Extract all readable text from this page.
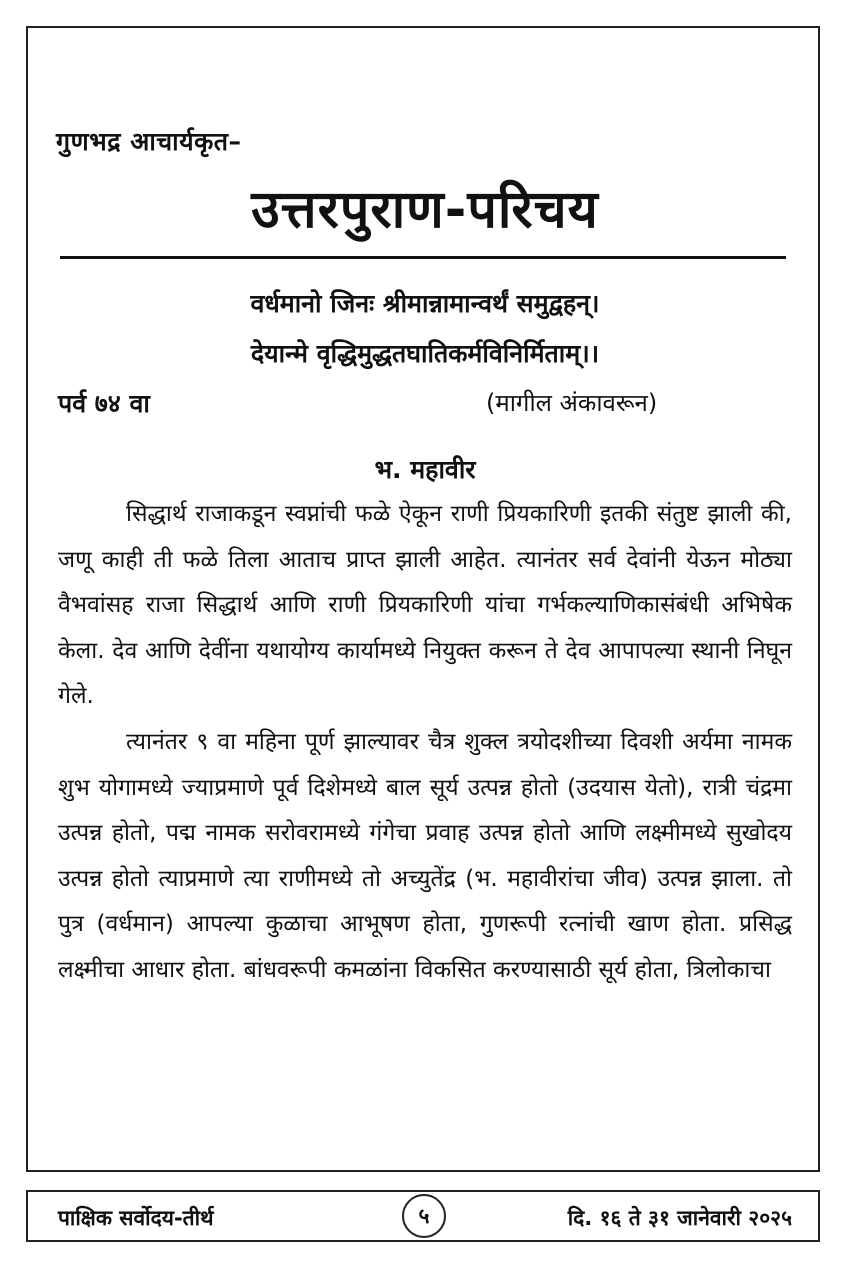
गुणभद्र आचार्यकृत–
उत्तरपुराण-परिचय
वर्धमानो जिनः श्रीमान्नामान्वर्थं समुद्वहन्।
देयान्मे वृद्धिमुद्धतघातिकर्मविनिर्मिताम्।।
पर्व ७४ वा	(मागील अंकावरून)
भ. महावीर

सिद्धार्थ राजाकडून स्वप्नांची फळे ऐकून राणी प्रियकारिणी इतकी संतुष्ट झाली की, जणू काही ती फळे तिला आताच प्राप्त झाली आहेत. त्यानंतर सर्व देवांनी येऊन मोठ्या वैभवांसह राजा सिद्धार्थ आणि राणी प्रियकारिणी यांचा गर्भकल्याणिकासंबंधी अभिषेक केला. देव आणि देवींना यथायोग्य कार्यामध्ये नियुक्त करून ते देव आपापल्या स्थानी निघून गेले.

त्यानंतर ९ वा महिना पूर्ण झाल्यावर चैत्र शुक्ल त्रयोदशीच्या दिवशी अर्यमा नामक शुभ योगामध्ये ज्याप्रमाणे पूर्व दिशेमध्ये बाल सूर्य उत्पन्न होतो (उदयास येतो), रात्री चंद्रमा उत्पन्न होतो, पद्म नामक सरोवरामध्ये गंगेचा प्रवाह उत्पन्न होतो आणि लक्ष्मीमध्ये सुखोदय उत्पन्न होतो त्याप्रमाणे त्या राणीमध्ये तो अच्युतेंद्र (भ. महावीरांचा जीव) उत्पन्न झाला. तो पुत्र (वर्धमान) आपल्या कुळाचा आभूषण होता, गुणरूपी रत्नांची खाण होता. प्रसिद्ध लक्ष्मीचा आधार होता. बांधवरूपी कमळांना विकसित करण्यासाठी सूर्य होता, त्रिलोकाचा

पाक्षिक सर्वोदय-तीर्थ	५	दि. १६ ते ३१ जानेवारी २०२५
